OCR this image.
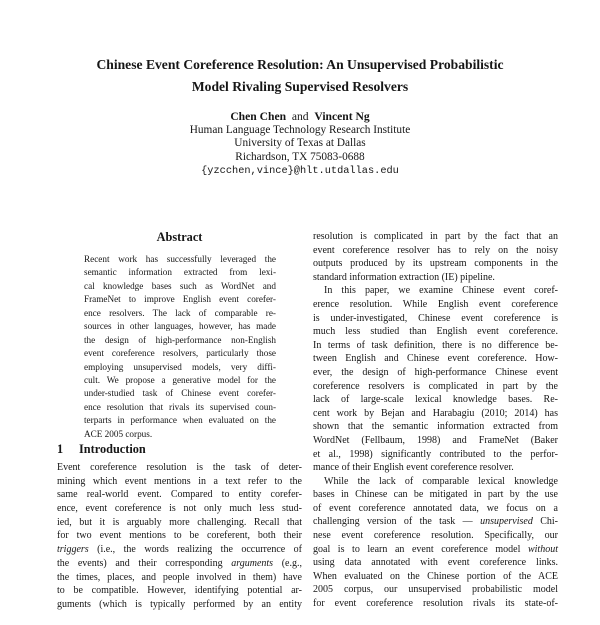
Chinese Event Coreference Resolution: An Unsupervised Probabilistic
Model Rivaling Supervised Resolvers
Chen Chen and Vincent Ng
Human Language Technology Research Institute
University of Texas at Dallas
Richardson, TX 75083-0688
{yzcchen,vince}@hlt.utdallas.edu
Abstract
Recent work has successfully leveraged the
semantic information extracted from lexi-
cal knowledge bases such as WordNet and
FrameNet to improve English event corefer-
ence resolvers. The lack of comparable re-
sources in other languages, however, has made
the design of high-performance non-English
event coreference resolvers, particularly those
employing unsupervised models, very diffi-
cult. We propose a generative model for the
under-studied task of Chinese event corefer-
ence resolution that rivals its supervised coun-
terparts in performance when evaluated on the
ACE 2005 corpus.
1 Introduction
Event coreference resolution is the task of deter-
mining which event mentions in a text refer to the
same real-world event. Compared to entity corefer-
ence, event coreference is not only much less stud-
ied, but it is arguably more challenging. Recall that
for two event mentions to be coreferent, both their
triggers (i.e., the words realizing the occurrence of
the events) and their corresponding arguments (e.g.,
the times, places, and people involved in them) have
to be compatible. However, identifying potential ar-
guments (which is typically performed by an entity
resolution is complicated in part by the fact that an
event coreference resolver has to rely on the noisy
outputs produced by its upstream components in the
standard information extraction (IE) pipeline.
In this paper, we examine Chinese event coref-
erence resolution. While English event coreference
is under-investigated, Chinese event coreference is
much less studied than English event coreference.
In terms of task definition, there is no difference be-
tween English and Chinese event coreference. How-
ever, the design of high-performance Chinese event
coreference resolvers is complicated in part by the
lack of large-scale lexical knowledge bases. Re-
cent work by Bejan and Harabagiu (2010; 2014) has
shown that the semantic information extracted from
WordNet (Fellbaum, 1998) and FrameNet (Baker
et al., 1998) significantly contributed to the perfor-
mance of their English event coreference resolver.
While the lack of comparable lexical knowledge
bases in Chinese can be mitigated in part by the use
of event coreference annotated data, we focus on a
challenging version of the task — unsupervised Chi-
nese event coreference resolution. Specifically, our
goal is to learn an event coreference model without
using data annotated with event coreference links.
When evaluated on the Chinese portion of the ACE
2005 corpus, our unsupervised probabilistic model
for event coreference resolution rivals its state-of-
